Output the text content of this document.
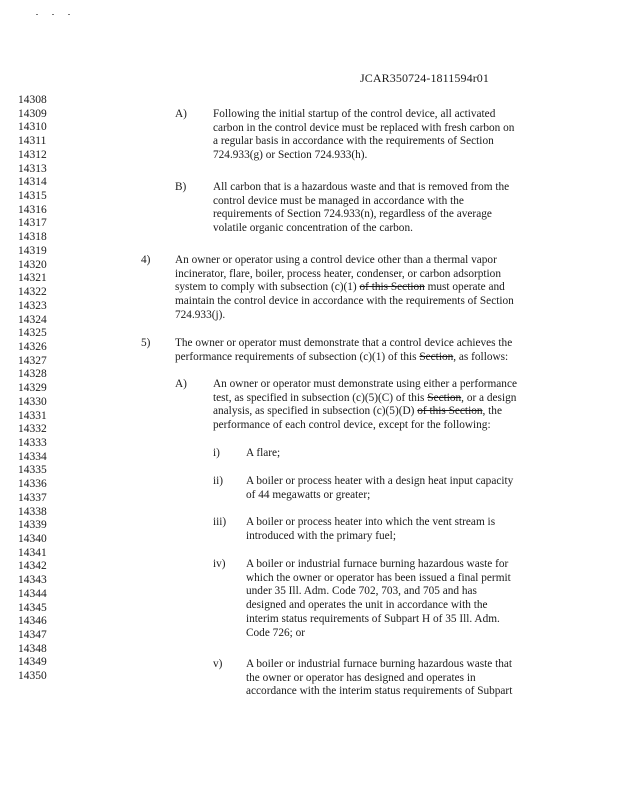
JCAR350724-1811594r01
14308
14309
14310
14311
14312
14313
14314
14315
14316
14317
14318
14319
14320
14321
14322
14323
14324
14325
14326
14327
14328
14329
14330
14331
14332
14333
14334
14335
14336
14337
14338
14339
14340
14341
14342
14343
14344
14345
14346
14347
14348
14349
14350
A) Following the initial startup of the control device, all activated
carbon in the control device must be replaced with fresh carbon on
a regular basis in accordance with the requirements of Section
724.933(g) or Section 724.933(h).
B) All carbon that is a hazardous waste and that is removed from the
control device must be managed in accordance with the
requirements of Section 724.933(n), regardless of the average
volatile organic concentration of the carbon.
4) An owner or operator using a control device other than a thermal vapor
incinerator, flare, boiler, process heater, condenser, or carbon adsorption
system to comply with subsection (c)(1) of this Section must operate and
maintain the control device in accordance with the requirements of Section
724.933(j).
5) The owner or operator must demonstrate that a control device achieves the
performance requirements of subsection (c)(1) of this Section, as follows:
A) An owner or operator must demonstrate using either a performance
test, as specified in subsection (c)(5)(C) of this Section, or a design
analysis, as specified in subsection (c)(5)(D) of this Section, the
performance of each control device, except for the following:
i) A flare;
ii) A boiler or process heater with a design heat input capacity
of 44 megawatts or greater;
iii) A boiler or process heater into which the vent stream is
introduced with the primary fuel;
iv) A boiler or industrial furnace burning hazardous waste for
which the owner or operator has been issued a final permit
under 35 Ill. Adm. Code 702, 703, and 705 and has
designed and operates the unit in accordance with the
interim status requirements of Subpart H of 35 Ill. Adm.
Code 726; or
v) A boiler or industrial furnace burning hazardous waste that
the owner or operator has designed and operates in
accordance with the interim status requirements of Subpart
